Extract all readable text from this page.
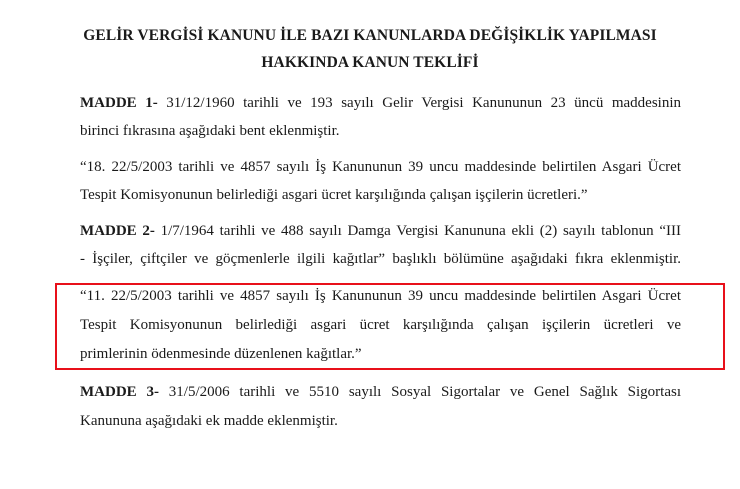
GELİR VERGİSİ KANUNU İLE BAZI KANUNLARDA DEĞİŞİKLİK YAPILMASI
HAKKINDA KANUN TEKLİFİ
MADDE 1- 31/12/1960 tarihli ve 193 sayılı Gelir Vergisi Kanununun 23 üncü maddesinin
birinci fıkrasına aşağıdaki bent eklenmiştir.
“18. 22/5/2003 tarihli ve 4857 sayılı İş Kanununun 39 uncu maddesinde belirtilen Asgari Ücret
Tespit Komisyonunun belirlediği asgari ücret karşılığında çalışan işçilerin ücretleri.”
MADDE 2- 1/7/1964 tarihli ve 488 sayılı Damga Vergisi Kanununa ekli (2) sayılı tablonun “III
- İşçiler, çiftçiler ve göçmenlerle ilgili kağıtlar” başlıklı bölümüne aşağıdaki fıkra eklenmiştir.
“11. 22/5/2003 tarihli ve 4857 sayılı İş Kanununun 39 uncu maddesinde belirtilen Asgari Ücret
Tespit Komisyonunun belirlediği asgari ücret karşılığında çalışan işçilerin ücretleri ve
primlerinin ödenmesinde düzenlenen kağıtlar.”
MADDE 3- 31/5/2006 tarihli ve 5510 sayılı Sosyal Sigortalar ve Genel Sağlık Sigortası
Kanununa aşağıdaki ek madde eklenmiştir.
